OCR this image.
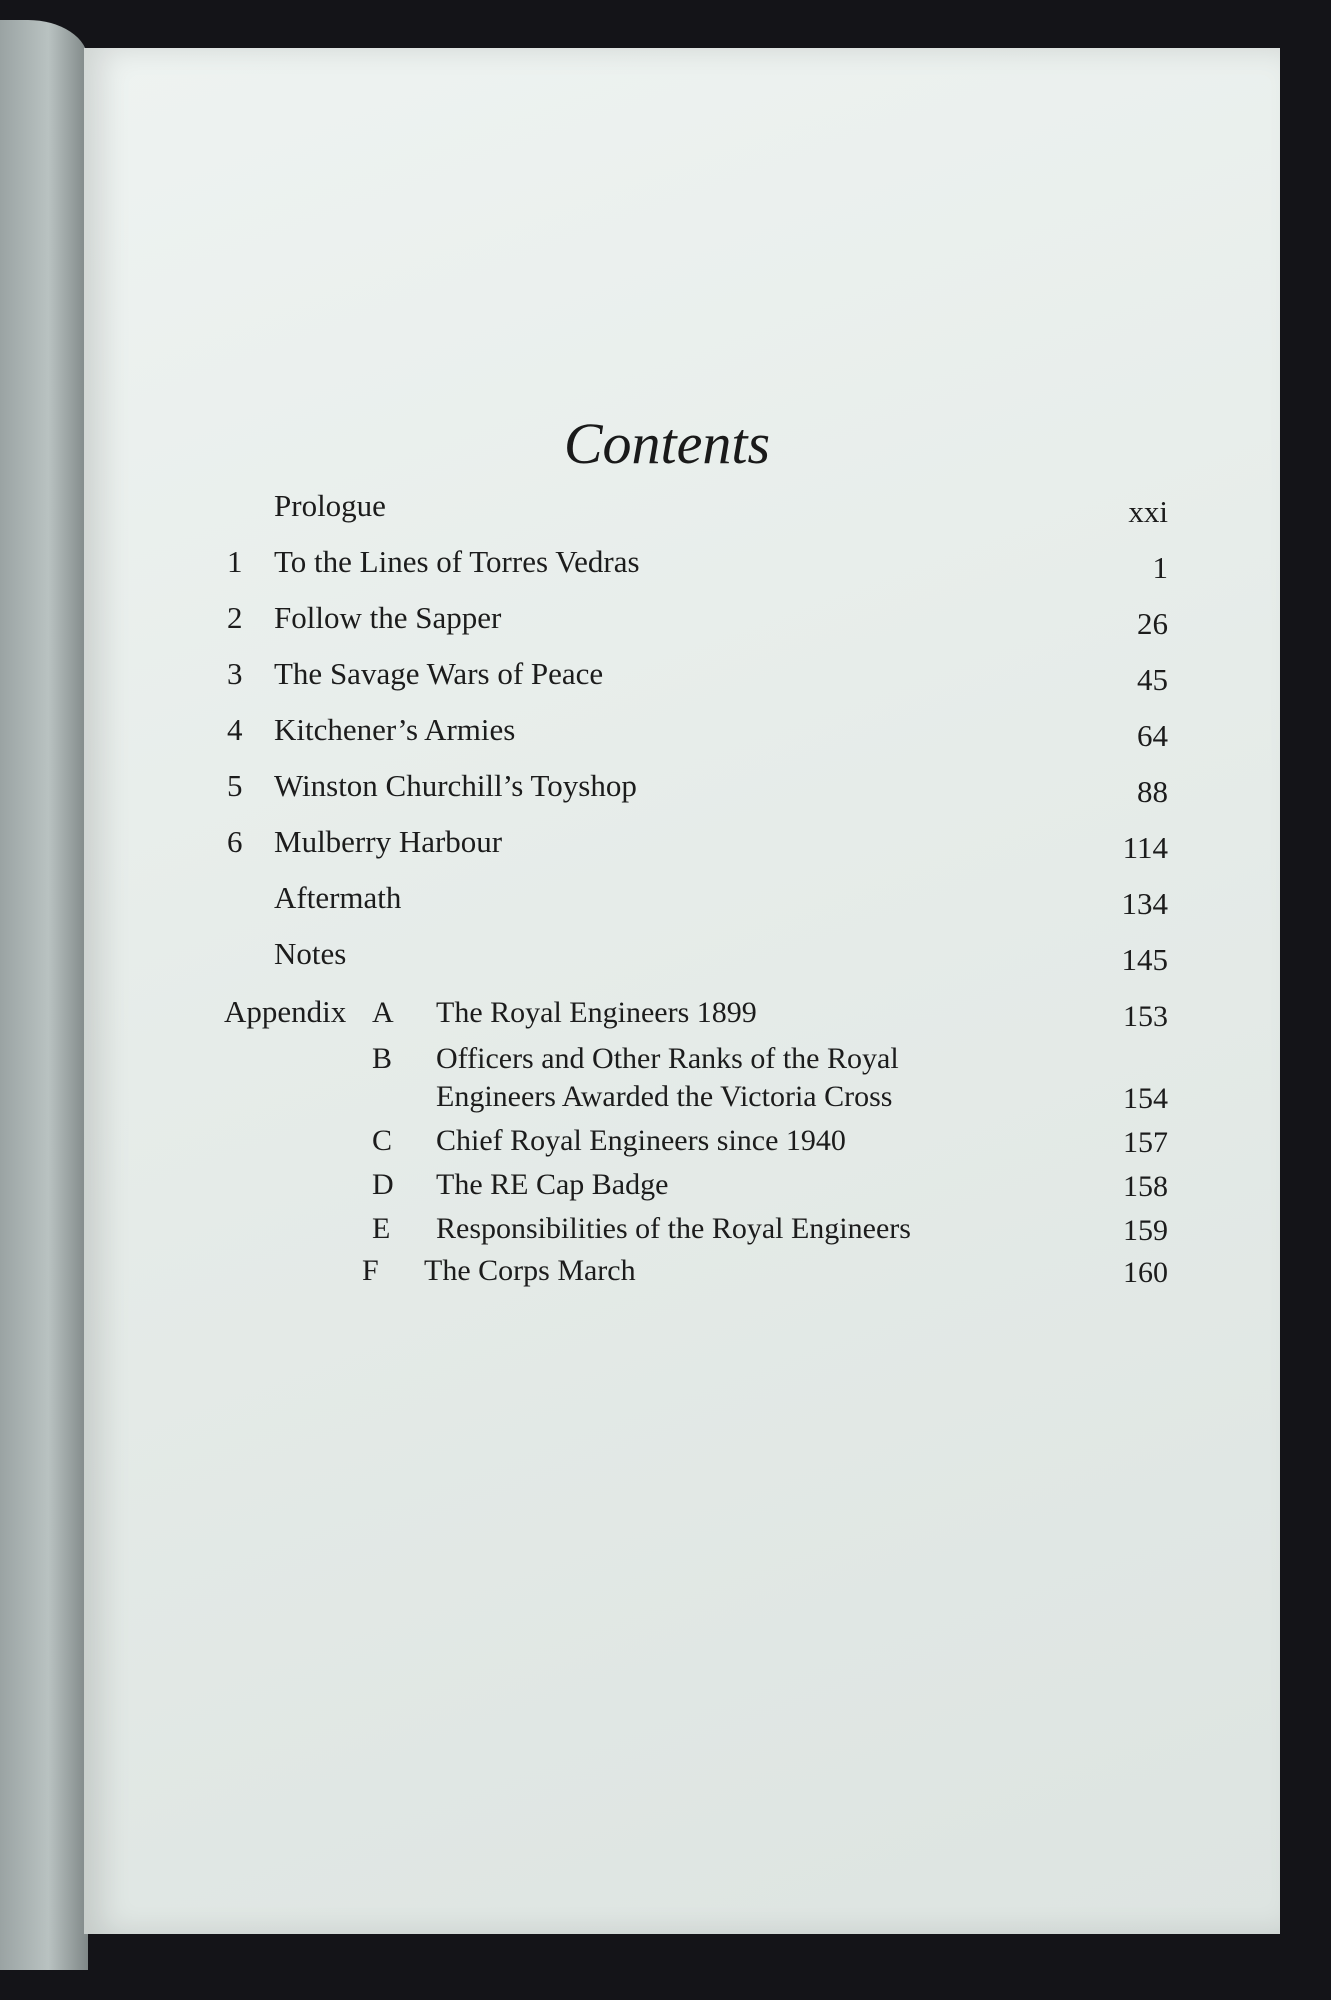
Contents
Prologue	xxi
1	To the Lines of Torres Vedras	1
2	Follow the Sapper	26
3	The Savage Wars of Peace	45
4	Kitchener’s Armies	64
5	Winston Churchill’s Toyshop	88
6	Mulberry Harbour	114
Aftermath	134
Notes	145
Appendix A	The Royal Engineers 1899	153
B	Officers and Other Ranks of the Royal
Engineers Awarded the Victoria Cross	154
C	Chief Royal Engineers since 1940	157
D	The RE Cap Badge	158
E	Responsibilities of the Royal Engineers	159
F	The Corps March	160
